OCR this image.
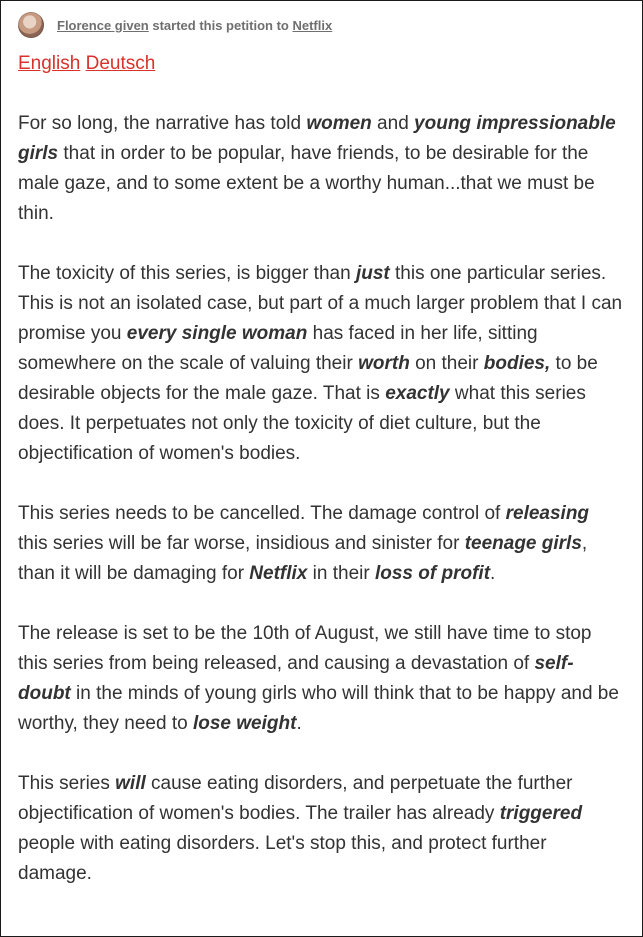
Florence given started this petition to Netflix
English Deutsch

For so long, the narrative has told women and young impressionable girls that in order to be popular, have friends, to be desirable for the male gaze, and to some extent be a worthy human...that we must be thin.

The toxicity of this series, is bigger than just this one particular series. This is not an isolated case, but part of a much larger problem that I can promise you every single woman has faced in her life, sitting somewhere on the scale of valuing their worth on their bodies, to be desirable objects for the male gaze. That is exactly what this series does. It perpetuates not only the toxicity of diet culture, but the objectification of women's bodies.

This series needs to be cancelled. The damage control of releasing this series will be far worse, insidious and sinister for teenage girls, than it will be damaging for Netflix in their loss of profit.

The release is set to be the 10th of August, we still have time to stop this series from being released, and causing a devastation of self-doubt in the minds of young girls who will think that to be happy and be worthy, they need to lose weight.

This series will cause eating disorders, and perpetuate the further objectification of women's bodies. The trailer has already triggered people with eating disorders. Let's stop this, and protect further damage.
